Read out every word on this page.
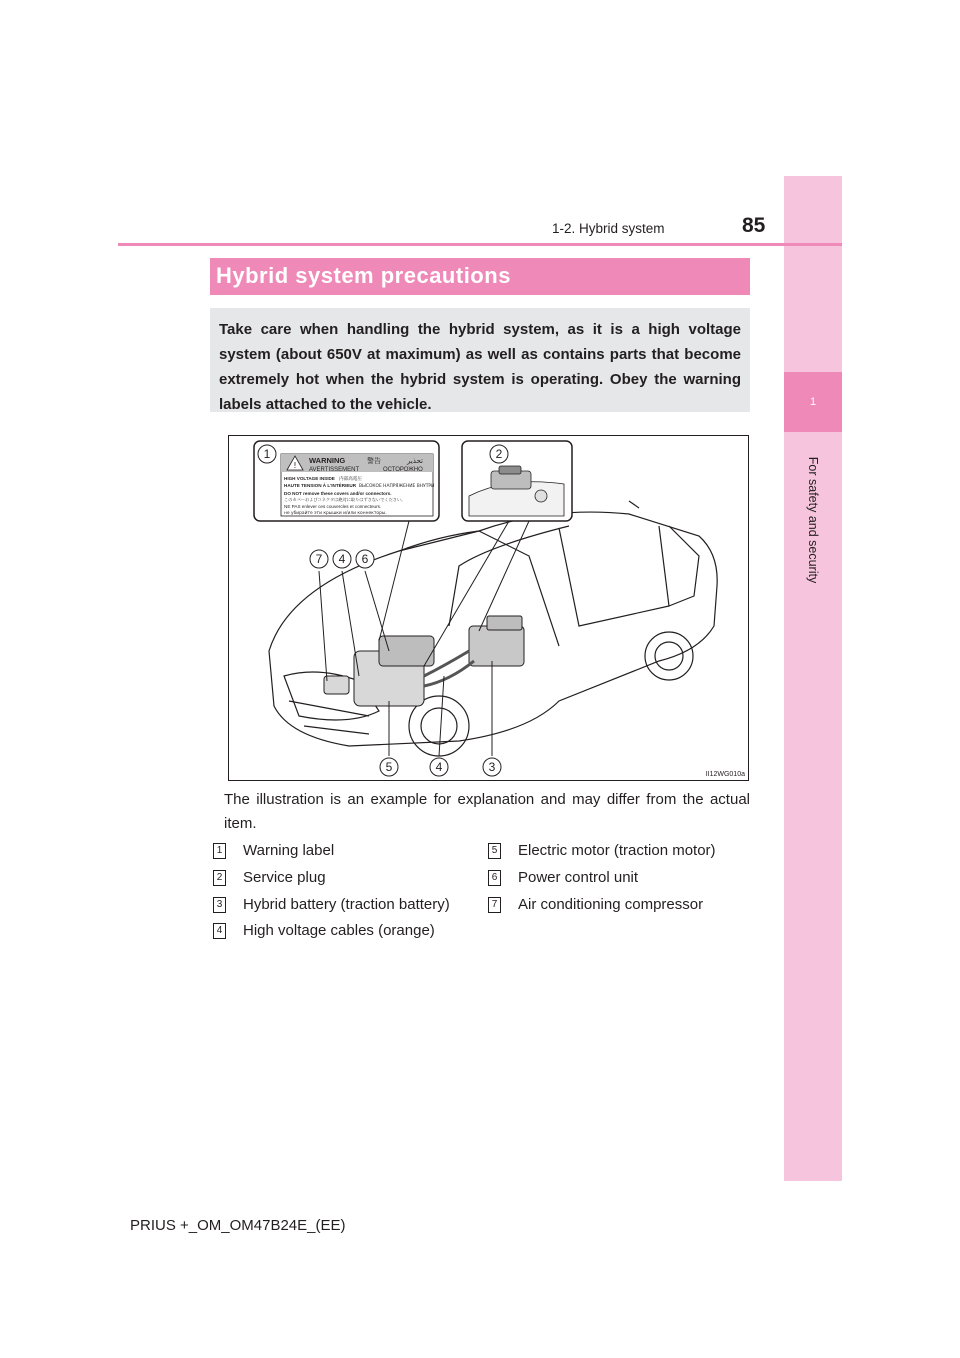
1
For safety and security
85
1-2. Hybrid system
Hybrid system precautions
Take care when handling the hybrid system, as it is a high voltage system (about 650V at maximum) as well as contains parts that become extremely hot when the hybrid system is operating. Obey the warning labels attached to the vehicle.
!
WARNING	警告	تحذير
AVERTISSEMENT	ОСТОРОЖНО
HIGH VOLTAGE INSIDE 内部高電圧
HAUTE TENSION À L'INTÉRIEUR ВЫСОКОЕ НАПРЯЖЕНИЕ ВНУТРИ
DO NOT remove these covers and/or connectors.
このカバーおよびコネクタは絶対に取りはずさないでください。
NE PAS enlever ces couvercles et connecteurs.
не убирайте эти крышки и/или коннекторы.
1	2
7 4 6
5	4	3
II12WG010a
The illustration is an example for explanation and may differ from the actual item.
1 Warning label
2 Service plug
3 Hybrid battery (traction battery)
4 High voltage cables (orange)
5 Electric motor (traction motor)
6 Power control unit
7 Air conditioning compressor
PRIUS +_OM_OM47B24E_(EE)
